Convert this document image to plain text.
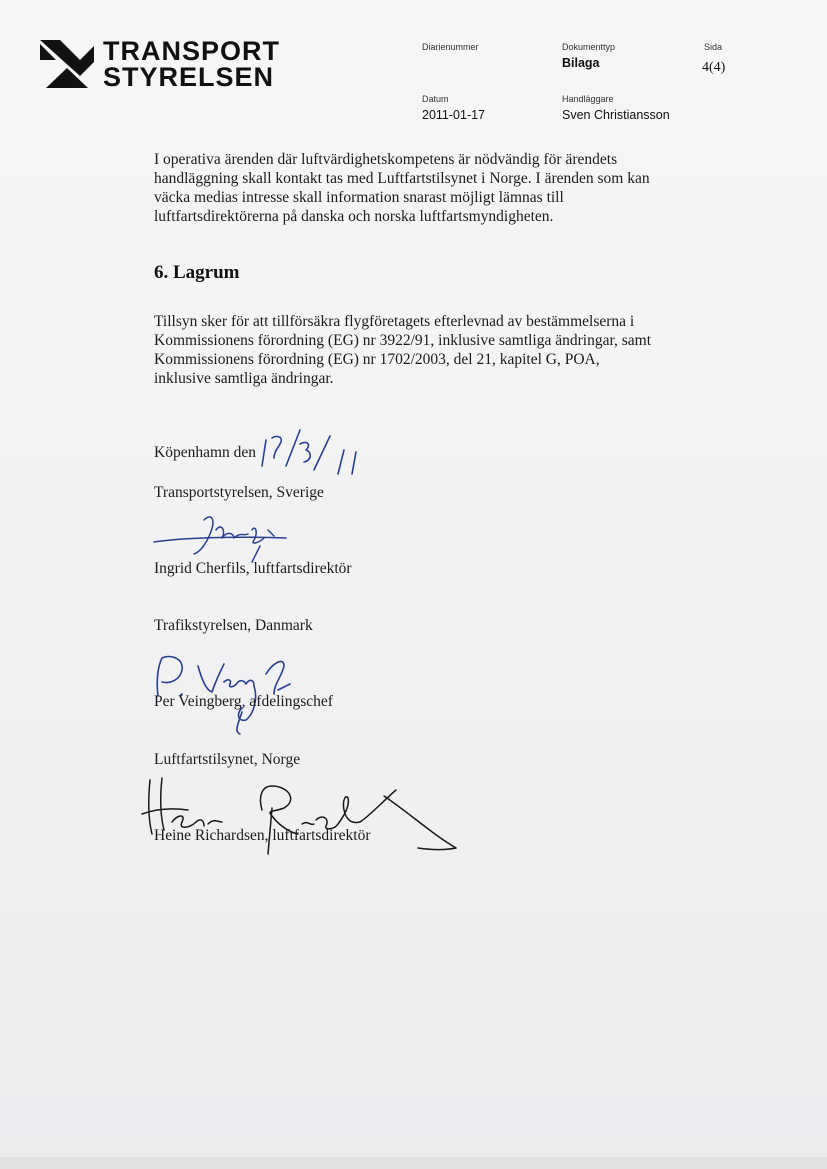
TRANSPORT
STYRELSEN
Diarienummer	Dokumenttyp
Bilaga
Sida
4(4)
Datum
2011-01-17
Handläggare
Sven Christiansson
I operativa ärenden där luftvärdighetskompetens är nödvändig för ärendets handläggning skall kontakt tas med Luftfartstilsynet i Norge. I ärenden som kan väcka medias intresse skall information snarast möjligt lämnas till luftfartsdirektörerna på danska och norska luftfartsmyndigheten.
6. Lagrum
Tillsyn sker för att tillförsäkra flygföretagets efterlevnad av bestämmelserna i Kommissionens förordning (EG) nr 3922/91, inklusive samtliga ändringar, samt Kommissionens förordning (EG) nr 1702/2003, del 21, kapitel G, POA, inklusive samtliga ändringar.
Köpenhamn den
Transportstyrelsen, Sverige
Ingrid Cherfils, luftfartsdirektör
Trafikstyrelsen, Danmark
Per Veingberg, afdelingschef
Luftfartstilsynet, Norge
Heine Richardsen, luftfartsdirektör
